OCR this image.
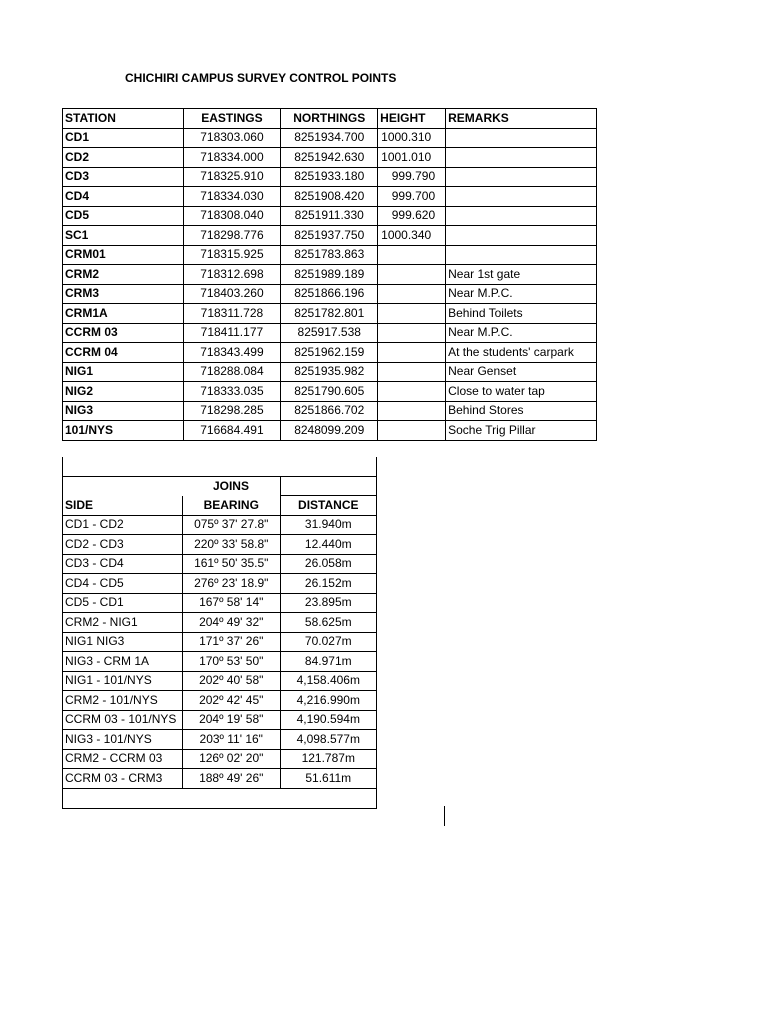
CHICHIRI CAMPUS SURVEY CONTROL POINTS
STATION	EASTINGS	NORTHINGS	HEIGHT	REMARKS
CD1	718303.060	8251934.700	1000.310	
CD2	718334.000	8251942.630	1001.010	
CD3	718325.910	8251933.180	999.790	
CD4	718334.030	8251908.420	999.700	
CD5	718308.040	8251911.330	999.620	
SC1	718298.776	8251937.750	1000.340	
CRM01	718315.925	8251783.863		
CRM2	718312.698	8251989.189		Near 1st gate
CRM3	718403.260	8251866.196		Near M.P.C.
CRM1A	718311.728	8251782.801		Behind Toilets
CCRM 03	718411.177	825917.538		Near M.P.C.
CCRM 04	718343.499	8251962.159		At the students' carpark
NIG1	718288.084	8251935.982		Near Genset
NIG2	718333.035	8251790.605		Close to water tap
NIG3	718298.285	8251866.702		Behind Stores
101/NYS	716684.491	8248099.209		Soche Trig Pillar

	JOINS	
SIDE	BEARING	DISTANCE
CD1 - CD2	075º 37' 27.8"	31.940m
CD2 - CD3	220º 33' 58.8"	12.440m
CD3 - CD4	161º 50' 35.5"	26.058m
CD4 - CD5	276º 23' 18.9"	26.152m
CD5 - CD1	167º 58' 14"	23.895m
CRM2 - NIG1	204º 49' 32"	58.625m
NIG1 NIG3	171º 37' 26"	70.027m
NIG3 - CRM 1A	170º 53' 50"	84.971m
NIG1 - 101/NYS	202º 40' 58"	4,158.406m
CRM2 - 101/NYS	202º 42' 45"	4,216.990m
CCRM 03 - 101/NYS	204º 19' 58"	4,190.594m
NIG3 - 101/NYS	203º 11' 16"	4,098.577m
CRM2 - CCRM 03	126º 02' 20"	121.787m
CCRM 03 - CRM3	188º 49' 26"	51.611m
